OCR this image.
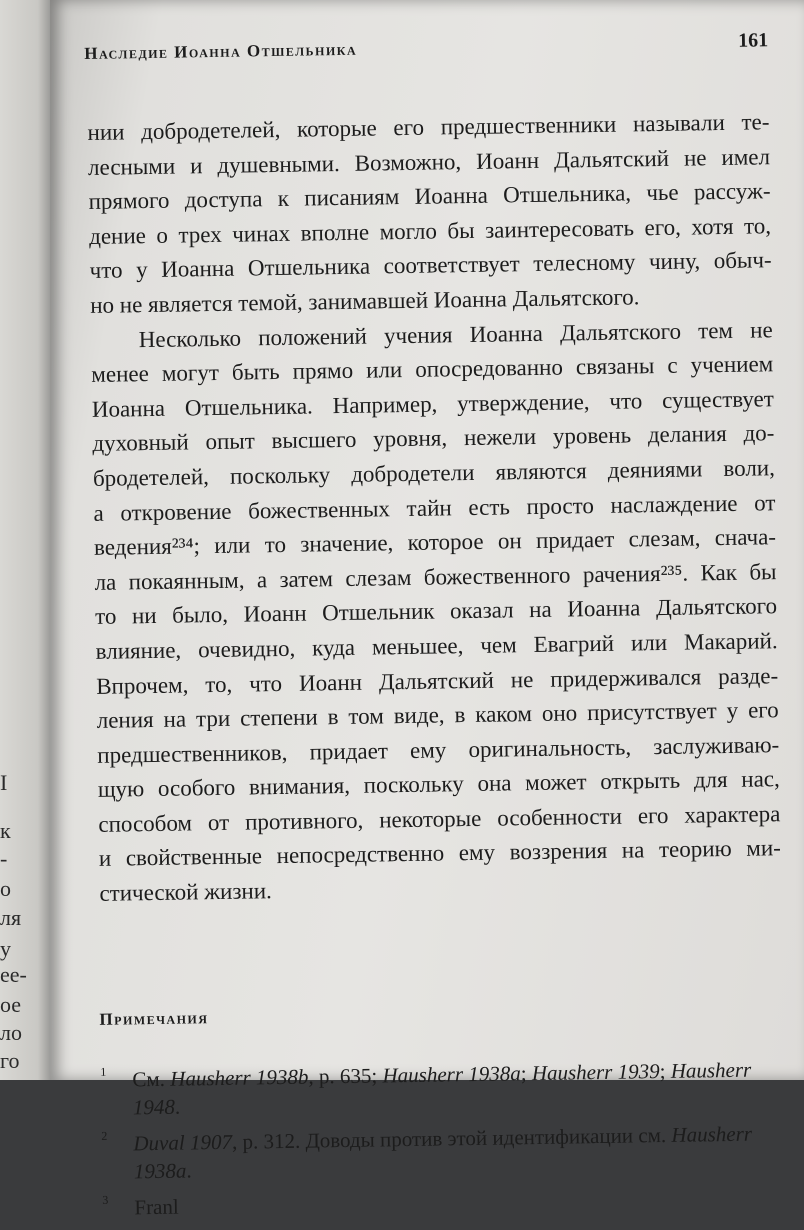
I
к
-
о
ля
y
ее-
ое
ло
го
Наследие Иоанна Отшельника	161
нии добродетелей, которые его предшественники называли те-
лесными и душевными. Возможно, Иоанн Дальятский не имел
прямого доступа к писаниям Иоанна Отшельника, чье рассуж-
дение о трех чинах вполне могло бы заинтересовать его, хотя то,
что у Иоанна Отшельника соответствует телесному чину, обыч-
но не является темой, занимавшей Иоанна Дальятского.
Несколько положений учения Иоанна Дальятского тем не
менее могут быть прямо или опосредованно связаны с учением
Иоанна Отшельника. Например, утверждение, что существует
духовный опыт высшего уровня, нежели уровень делания до-
бродетелей, поскольку добродетели являются деяниями воли,
а откровение божественных тайн есть просто наслаждение от
ведения²³⁴; или то значение, которое он придает слезам, снача-
ла покаянным, а затем слезам божественного рачения²³⁵. Как бы
то ни было, Иоанн Отшельник оказал на Иоанна Дальятского
влияние, очевидно, куда меньшее, чем Евагрий или Макарий.
Впрочем, то, что Иоанн Дальятский не придерживался разде-
ления на три степени в том виде, в каком оно присутствует у его
предшественников, придает ему оригинальность, заслуживаю-
щую особого внимания, поскольку она может открыть для нас,
способом от противного, некоторые особенности его характера
и свойственные непосредственно ему воззрения на теорию ми-
стической жизни.
Примечания
1 См. Hausherr 1938b, p. 635; Hausherr 1938a; Hausherr 1939; Hausherr 1948.
2 Duval 1907, p. 312. Доводы против этой идентификации см. Hausherr 1938a.
3 Franl
